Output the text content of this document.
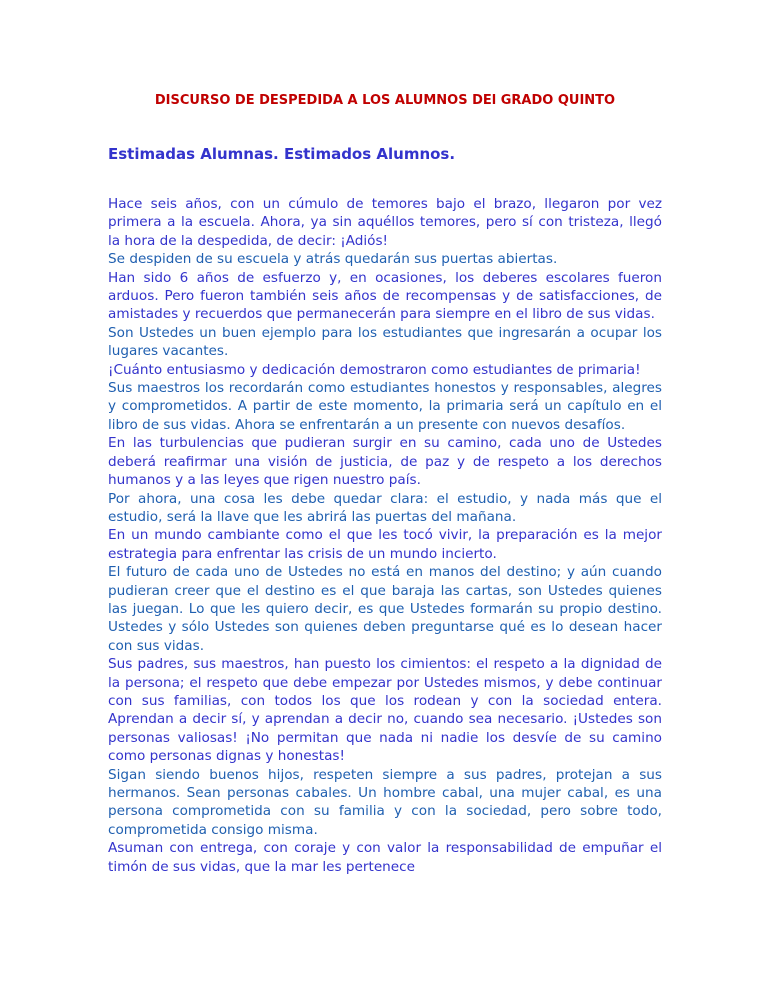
DISCURSO DE DESPEDIDA A LOS ALUMNOS DEl GRADO QUINTO
Estimadas Alumnas. Estimados Alumnos.

Hace seis años, con un cúmulo de temores bajo el brazo, llegaron por vez primera a la escuela. Ahora, ya sin aquéllos temores, pero sí con tristeza, llegó la hora de la despedida, de decir: ¡Adiós!

Se despiden de su escuela y atrás quedarán sus puertas abiertas.

Han sido 6 años de esfuerzo y, en ocasiones, los deberes escolares fueron arduos. Pero fueron también seis años de recompensas y de satisfacciones, de amistades y recuerdos que permanecerán para siempre en el libro de sus vidas.

Son Ustedes un buen ejemplo para los estudiantes que ingresarán a ocupar los lugares vacantes.

¡Cuánto entusiasmo y dedicación demostraron como estudiantes de primaria!

Sus maestros los recordarán como estudiantes honestos y responsables, alegres y comprometidos. A partir de este momento, la primaria será un capítulo en el libro de sus vidas. Ahora se enfrentarán a un presente con nuevos desafíos.

En las turbulencias que pudieran surgir en su camino, cada uno de Ustedes deberá reafirmar una visión de justicia, de paz y de respeto a los derechos humanos y a las leyes que rigen nuestro país.

Por ahora, una cosa les debe quedar clara: el estudio, y nada más que el estudio, será la llave que les abrirá las puertas del mañana.

En un mundo cambiante como el que les tocó vivir, la preparación es la mejor estrategia para enfrentar las crisis de un mundo incierto.

El futuro de cada uno de Ustedes no está en manos del destino; y aún cuando pudieran creer que el destino es el que baraja las cartas, son Ustedes quienes las juegan. Lo que les quiero decir, es que Ustedes formarán su propio destino. Ustedes y sólo Ustedes son quienes deben preguntarse qué es lo desean hacer con sus vidas.

Sus padres, sus maestros, han puesto los cimientos: el respeto a la dignidad de la persona; el respeto que debe empezar por Ustedes mismos, y debe continuar con sus familias, con todos los que los rodean y con la sociedad entera. Aprendan a decir sí, y aprendan a decir no, cuando sea necesario. ¡Ustedes son personas valiosas! ¡No permitan que nada ni nadie los desvíe de su camino como personas dignas y honestas!

Sigan siendo buenos hijos, respeten siempre a sus padres, protejan a sus hermanos. Sean personas cabales. Un hombre cabal, una mujer cabal, es una persona comprometida con su familia y con la sociedad, pero sobre todo, comprometida consigo misma.

Asuman con entrega, con coraje y con valor la responsabilidad de empuñar el timón de sus vidas, que la mar les pertenece
